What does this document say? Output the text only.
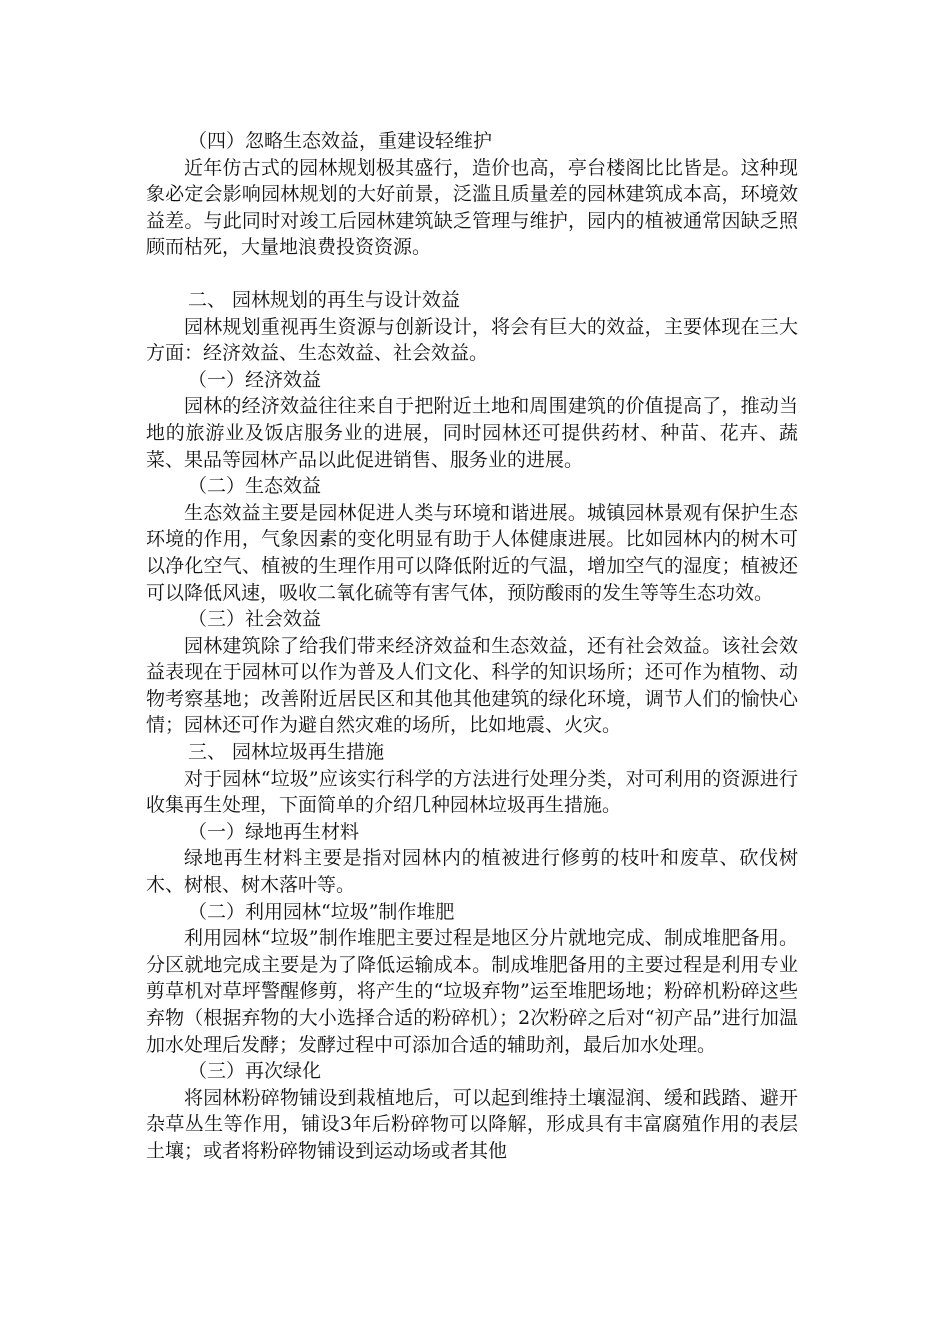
（四）忽略生态效益，重建设轻维护

近年仿古式的园林规划极其盛行，造价也高，亭台楼阁比比皆是。这种现象必定会影响园林规划的大好前景，泛滥且质量差的园林建筑成本高，环境效益差。与此同时对竣工后园林建筑缺乏管理与维护，园内的植被通常因缺乏照顾而枯死，大量地浪费投资资源。

二、 园林规划的再生与设计效益

园林规划重视再生资源与创新设计，将会有巨大的效益，主要体现在三大方面：经济效益、生态效益、社会效益。

（一）经济效益

园林的经济效益往往来自于把附近土地和周围建筑的价值提高了，推动当地的旅游业及饭店服务业的进展，同时园林还可提供药材、种苗、花卉、蔬菜、果品等园林产品以此促进销售、服务业的进展。

（二）生态效益

生态效益主要是园林促进人类与环境和谐进展。城镇园林景观有保护生态环境的作用，气象因素的变化明显有助于人体健康进展。比如园林内的树木可以净化空气、植被的生理作用可以降低附近的气温，增加空气的湿度；植被还可以降低风速，吸收二氧化硫等有害气体，预防酸雨的发生等等生态功效。

（三）社会效益

园林建筑除了给我们带来经济效益和生态效益，还有社会效益。该社会效益表现在于园林可以作为普及人们文化、科学的知识场所；还可作为植物、动物考察基地；改善附近居民区和其他其他建筑的绿化环境，调节人们的愉快心情；园林还可作为避自然灾难的场所，比如地震、火灾。

三、 园林垃圾再生措施

对于园林“垃圾”应该实行科学的方法进行处理分类，对可利用的资源进行收集再生处理，下面简单的介绍几种园林垃圾再生措施。

（一）绿地再生材料

绿地再生材料主要是指对园林内的植被进行修剪的枝叶和废草、砍伐树木、树根、树木落叶等。

（二）利用园林“垃圾”制作堆肥

利用园林“垃圾”制作堆肥主要过程是地区分片就地完成、制成堆肥备用。分区就地完成主要是为了降低运输成本。制成堆肥备用的主要过程是利用专业剪草机对草坪警醒修剪，将产生的“垃圾弃物”运至堆肥场地；粉碎机粉碎这些弃物（根据弃物的大小选择合适的粉碎机）；2次粉碎之后对“初产品”进行加温加水处理后发酵；发酵过程中可添加合适的辅助剂，最后加水处理。

（三）再次绿化

将园林粉碎物铺设到栽植地后，可以起到维持土壤湿润、缓和践踏、避开杂草丛生等作用，铺设3年后粉碎物可以降解，形成具有丰富腐殖作用的表层土壤；或者将粉碎物铺设到运动场或者其他
